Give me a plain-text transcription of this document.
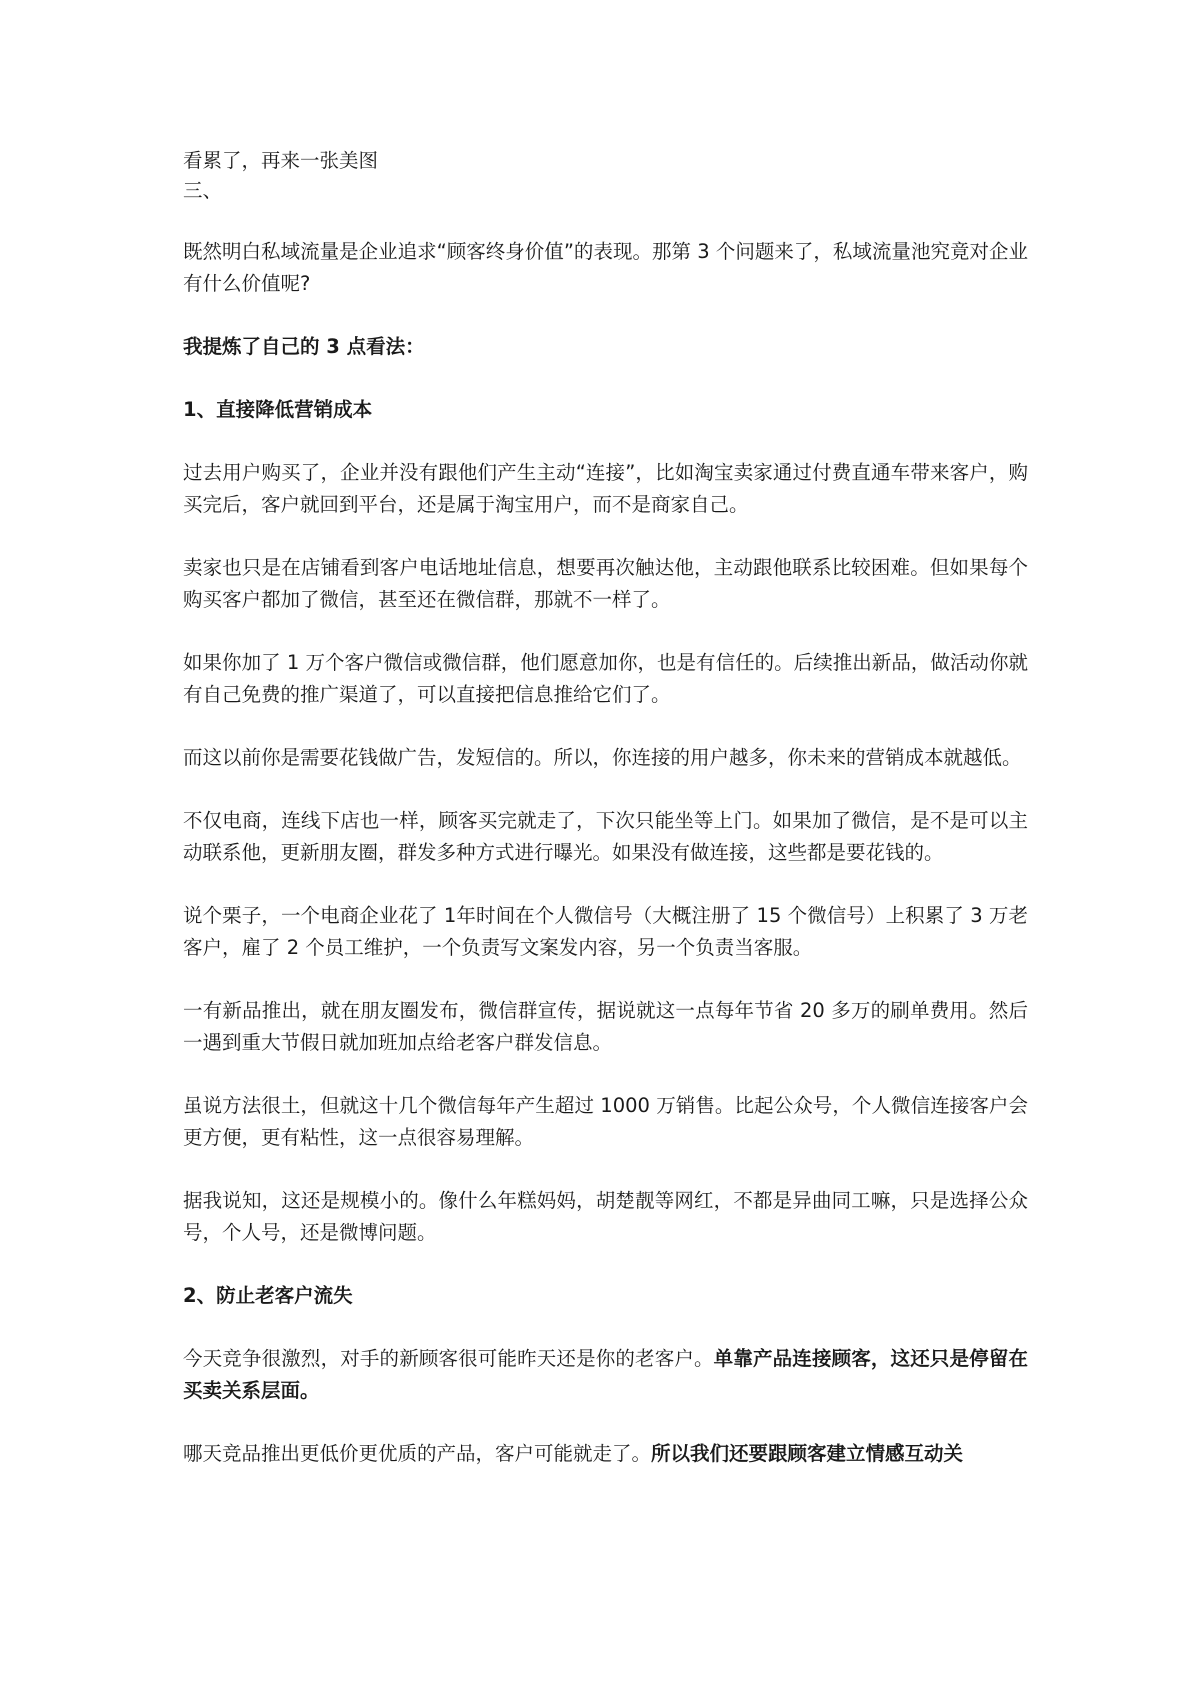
看累了，再来一张美图

三、

既然明白私域流量是企业追求“顾客终身价值”的表现。那第 3 个问题来了，私域流量池究竟对企业有什么价值呢?

我提炼了自己的 3 点看法：

1、直接降低营销成本

过去用户购买了，企业并没有跟他们产生主动“连接”，比如淘宝卖家通过付费直通车带来客户，购买完后，客户就回到平台，还是属于淘宝用户，而不是商家自己。

卖家也只是在店铺看到客户电话地址信息，想要再次触达他，主动跟他联系比较困难。但如果每个购买客户都加了微信，甚至还在微信群，那就不一样了。

如果你加了 1 万个客户微信或微信群，他们愿意加你，也是有信任的。后续推出新品，做活动你就有自己免费的推广渠道了，可以直接把信息推给它们了。

而这以前你是需要花钱做广告，发短信的。所以，你连接的用户越多，你未来的营销成本就越低。

不仅电商，连线下店也一样，顾客买完就走了，下次只能坐等上门。如果加了微信，是不是可以主动联系他，更新朋友圈，群发多种方式进行曝光。如果没有做连接，这些都是要花钱的。

说个栗子，一个电商企业花了 1年时间在个人微信号（大概注册了 15 个微信号）上积累了 3 万老客户，雇了 2 个员工维护，一个负责写文案发内容，另一个负责当客服。

一有新品推出，就在朋友圈发布，微信群宣传，据说就这一点每年节省 20 多万的刷单费用。然后一遇到重大节假日就加班加点给老客户群发信息。

虽说方法很土，但就这十几个微信每年产生超过 1000 万销售。比起公众号，个人微信连接客户会更方便，更有粘性，这一点很容易理解。

据我说知，这还是规模小的。像什么年糕妈妈，胡楚靓等网红，不都是异曲同工嘛，只是选择公众号，个人号，还是微博问题。

2、防止老客户流失

今天竞争很激烈，对手的新顾客很可能昨天还是你的老客户。单靠产品连接顾客，这还只是停留在买卖关系层面。

哪天竞品推出更低价更优质的产品，客户可能就走了。所以我们还要跟顾客建立情感互动关
